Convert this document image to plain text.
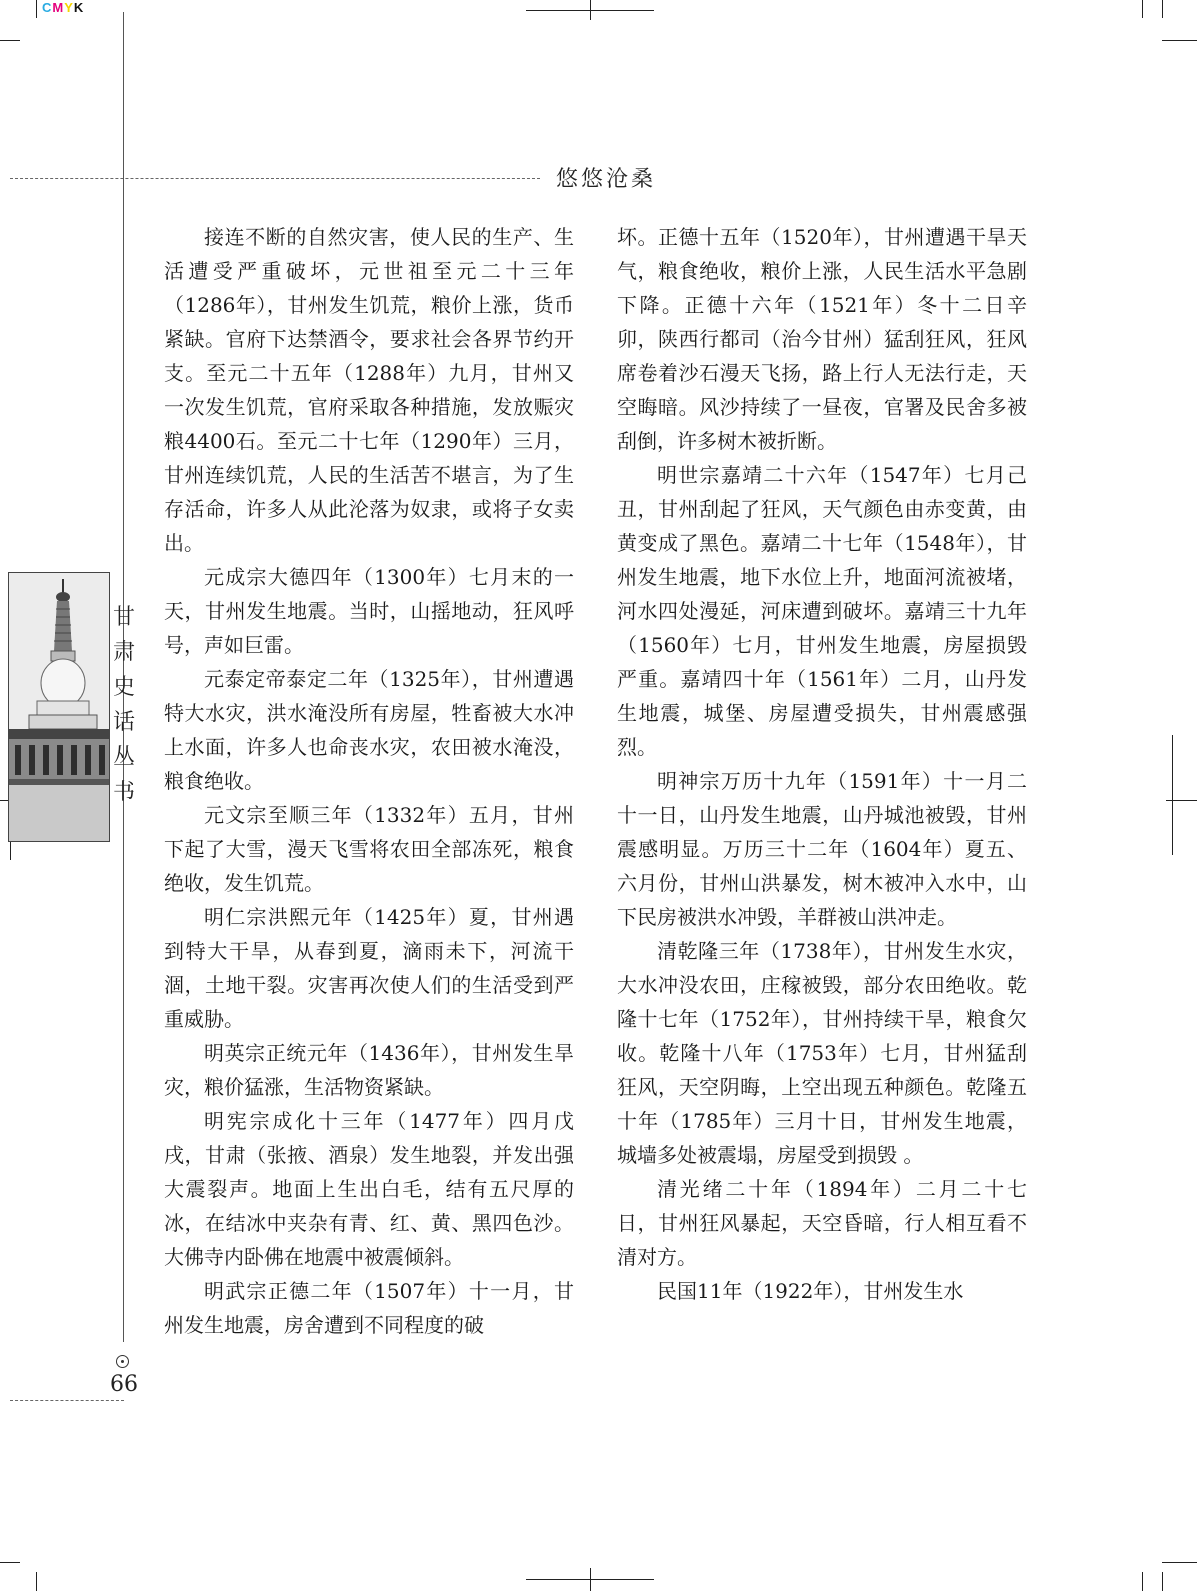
CMYK
悠悠沧桑
甘
肃
史
话
丛
书
66

接连不断的自然灾害，使人民的生产、生活遭受严重破坏，元世祖至元二十三年（1286年），甘州发生饥荒，粮价上涨，货币紧缺。官府下达禁酒令，要求社会各界节约开支。至元二十五年（1288年）九月，甘州又一次发生饥荒，官府采取各种措施，发放赈灾粮4400石。至元二十七年（1290年）三月，甘州连续饥荒，人民的生活苦不堪言，为了生存活命，许多人从此沦落为奴隶，或将子女卖出。

元成宗大德四年（1300年）七月末的一天，甘州发生地震。当时，山摇地动，狂风呼号，声如巨雷。

元泰定帝泰定二年（1325年），甘州遭遇特大水灾，洪水淹没所有房屋，牲畜被大水冲上水面，许多人也命丧水灾，农田被水淹没，粮食绝收。

元文宗至顺三年（1332年）五月，甘州下起了大雪，漫天飞雪将农田全部冻死，粮食绝收，发生饥荒。

明仁宗洪熙元年（1425年）夏，甘州遇到特大干旱，从春到夏，滴雨未下，河流干涸，土地干裂。灾害再次使人们的生活受到严重威胁。

明英宗正统元年（1436年），甘州发生旱灾，粮价猛涨，生活物资紧缺。

明宪宗成化十三年（1477年）四月戊戌，甘肃（张掖、酒泉）发生地裂，并发出强大震裂声。地面上生出白毛，结有五尺厚的冰，在结冰中夹杂有青、红、黄、黑四色沙。大佛寺内卧佛在地震中被震倾斜。

明武宗正德二年（1507年）十一月，甘州发生地震，房舍遭到不同程度的破

坏。正德十五年（1520年），甘州遭遇干旱天气，粮食绝收，粮价上涨，人民生活水平急剧下降。正德十六年（1521年）冬十二日辛卯，陕西行都司（治今甘州）猛刮狂风，狂风席卷着沙石漫天飞扬，路上行人无法行走，天空晦暗。风沙持续了一昼夜，官署及民舍多被刮倒，许多树木被折断。

明世宗嘉靖二十六年（1547年）七月己丑，甘州刮起了狂风，天气颜色由赤变黄，由黄变成了黑色。嘉靖二十七年（1548年），甘州发生地震，地下水位上升，地面河流被堵，河水四处漫延，河床遭到破坏。嘉靖三十九年（1560年）七月，甘州发生地震，房屋损毁严重。嘉靖四十年（1561年）二月，山丹发生地震，城堡、房屋遭受损失，甘州震感强烈。

明神宗万历十九年（1591年）十一月二十一日，山丹发生地震，山丹城池被毁，甘州震感明显。万历三十二年（1604年）夏五、六月份，甘州山洪暴发，树木被冲入水中，山下民房被洪水冲毁，羊群被山洪冲走。

清乾隆三年（1738年），甘州发生水灾，大水冲没农田，庄稼被毁，部分农田绝收。乾隆十七年（1752年），甘州持续干旱，粮食欠收。乾隆十八年（1753年）七月，甘州猛刮狂风，天空阴晦，上空出现五种颜色。乾隆五十年（1785年）三月十日，甘州发生地震，城墙多处被震塌，房屋受到损毁 。

清光绪二十年（1894年）二月二十七日，甘州狂风暴起，天空昏暗，行人相互看不清对方。

民国11年（1922年），甘州发生水
